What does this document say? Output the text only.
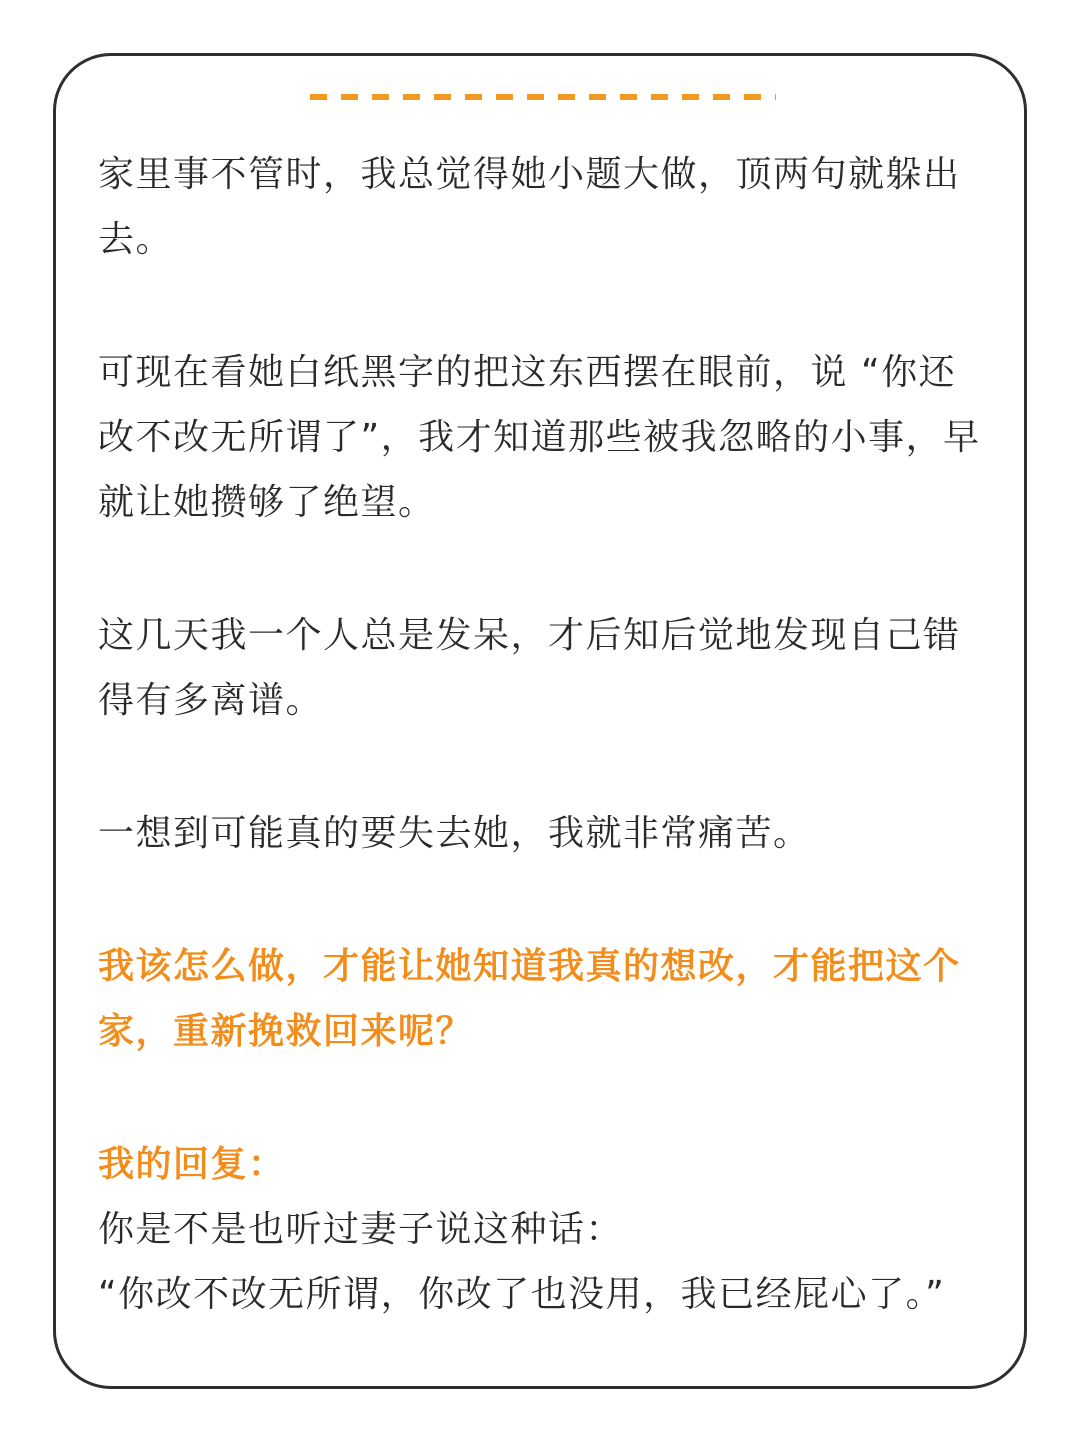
家里事不管时，我总觉得她小题大做，顶两句就躲出去。

可现在看她白纸黑字的把这东西摆在眼前，说 “你还改不改无所谓了”，我才知道那些被我忽略的小事，早就让她攒够了绝望。

这几天我一个人总是发呆，才后知后觉地发现自己错得有多离谱。

一想到可能真的要失去她，我就非常痛苦。

我该怎么做，才能让她知道我真的想改，才能把这个家，重新挽救回来呢？

我的回复：

你是不是也听过妻子说这种话：

“你改不改无所谓，你改了也没用，我已经屁心了。”
